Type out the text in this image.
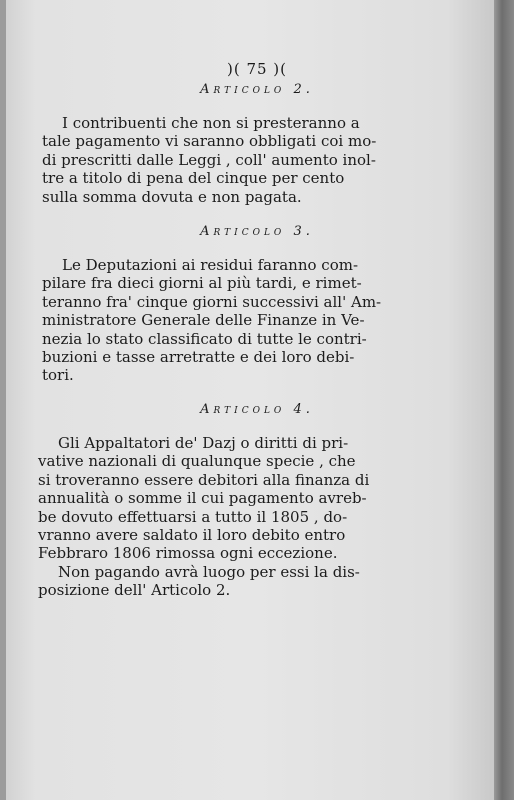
)( 75 )(
Articolo 2.
I contribuenti che non si presteranno a
tale pagamento vi saranno obbligati coi mo-
di prescritti dalle Leggi , coll' aumento inol-
tre a titolo di pena del cinque per cento
sulla somma dovuta e non pagata.
Articolo 3.
Le Deputazioni ai residui faranno com-
pilare fra dieci giorni al più tardi, e rimet-
teranno fra' cinque giorni successivi all' Am-
ministratore Generale delle Finanze in Ve-
nezia lo stato classificato di tutte le contri-
buzioni e tasse arretratte e dei loro debi-
tori.
Articolo 4.
Gli Appaltatori de' Dazj o diritti di pri-
vative nazionali di qualunque specie , che
si troveranno essere debitori alla finanza di
annualità o somme il cui pagamento avreb-
be dovuto effettuarsi a tutto il 1805 , do-
vranno avere saldato il loro debito entro
Febbraro 1806 rimossa ogni eccezione.
Non pagando avrà luogo per essi la dis-
posizione dell' Articolo 2.
